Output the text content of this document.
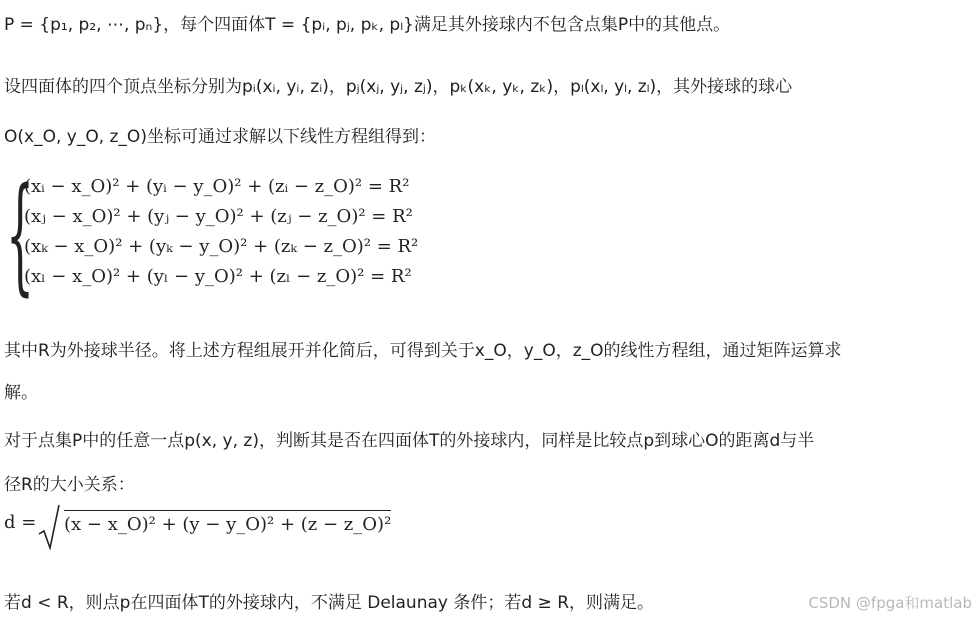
P = {p₁, p₂, ⋯, pₙ}，每个四面体T = {pᵢ, pⱼ, pₖ, pₗ}满足其外接球内不包含点集P中的其他点。
设四面体的四个顶点坐标分别为pᵢ(xᵢ, yᵢ, zᵢ)，pⱼ(xⱼ, yⱼ, zⱼ)，pₖ(xₖ, yₖ, zₖ)，pₗ(xₗ, yₗ, zₗ)，其外接球的球心
O(x_O, y_O, z_O)坐标可通过求解以下线性方程组得到：
{
(xᵢ − x_O)² + (yᵢ − y_O)² + (zᵢ − z_O)² = R²
(xⱼ − x_O)² + (yⱼ − y_O)² + (zⱼ − z_O)² = R²
(xₖ − x_O)² + (yₖ − y_O)² + (zₖ − z_O)² = R²
(xₗ − x_O)² + (yₗ − y_O)² + (zₗ − z_O)² = R²
其中R为外接球半径。将上述方程组展开并化简后，可得到关于x_O，y_O，z_O的线性方程组，通过矩阵运算求
解。
对于点集P中的任意一点p(x, y, z)，判断其是否在四面体T的外接球内，同样是比较点p到球心O的距离d与半
径R的大小关系：
d = (x − x_O)² + (y − y_O)² + (z − z_O)²
若d < R，则点p在四面体T的外接球内，不满足 Delaunay 条件；若d ≥ R，则满足。	CSDN @fpga和matlab
